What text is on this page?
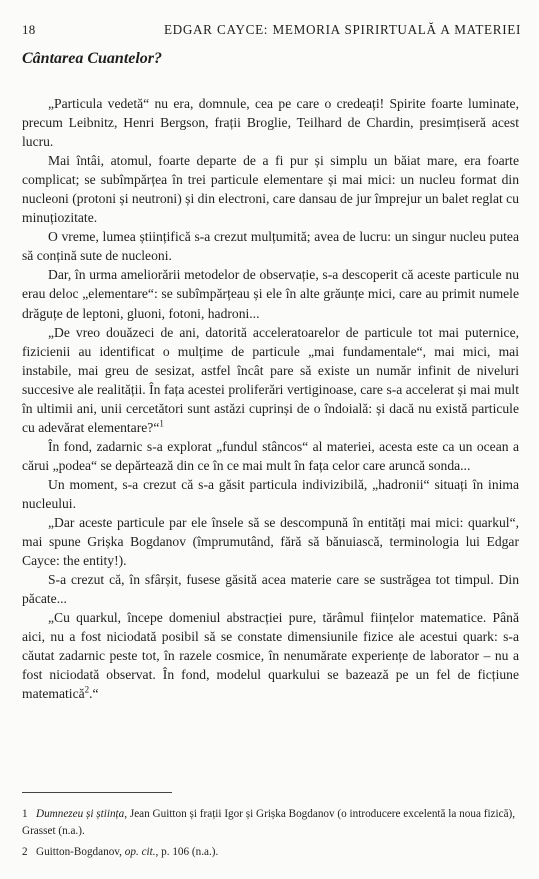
18	EDGAR CAYCE: MEMORIA SPIRIRTUALĂ A MATERIEI
Cântarea Cuantelor?

„Particula vedetă“ nu era, domnule, cea pe care o credeați! Spirite foarte luminate, precum Leibnitz, Henri Bergson, frații Broglie, Teilhard de Chardin, presimțiseră acest lucru.

Mai întâi, atomul, foarte departe de a fi pur și simplu un băiat mare, era foarte complicat; se subîmpărțea în trei particule elementare și mai mici: un nucleu format din nucleoni (protoni și neutroni) și din electroni, care dansau de jur împrejur un balet reglat cu minuțiozitate.

O vreme, lumea științifică s-a crezut mulțumită; avea de lucru: un singur nucleu putea să conțină sute de nucleoni.

Dar, în urma ameliorării metodelor de observație, s-a descoperit că aceste particule nu erau deloc „elementare“: se subîmpărțeau și ele în alte grăunțe mici, care au primit numele drăguțe de leptoni, gluoni, fotoni, hadroni...

„De vreo douăzeci de ani, datorită acceleratoarelor de particule tot mai puternice, fizicienii au identificat o mulțime de particule „mai fundamentale“, mai mici, mai instabile, mai greu de sesizat, astfel încât pare să existe un număr infinit de niveluri succesive ale realității. În fața acestei proliferări vertiginoase, care s-a accelerat și mai mult în ultimii ani, unii cercetători sunt astăzi cuprinși de o îndoială: și dacă nu există particule cu adevărat elementare?“$^1$

În fond, zadarnic s-a explorat „fundul stâncos“ al materiei, acesta este ca un ocean a cărui „podea“ se depărtează din ce în ce mai mult în fața celor care aruncă sonda...

Un moment, s-a crezut că s-a găsit particula indivizibilă, „hadronii“ situați în inima nucleului.

„Dar aceste particule par ele însele să se descompună în entități mai mici: quarkul“, mai spune Grișka Bogdanov (împrumutând, fără să bănuiască, terminologia lui Edgar Cayce: the entity!).

S-a crezut că, în sfârșit, fusese găsită acea materie care se sustrăgea tot timpul. Din păcate...

„Cu quarkul, începe domeniul abstracției pure, tărâmul ființelor matematice. Până aici, nu a fost niciodată posibil să se constate dimensiunile fizice ale acestui quark: s-a căutat zadarnic peste tot, în razele cosmice, în nenumărate experiențe de laborator – nu a fost niciodată observat. În fond, modelul quarkului se bazează pe un fel de ficțiune matematică$^2$.“

1 Dumnezeu și știința, Jean Guitton și frații Igor și Grișka Bogdanov (o introducere excelentă la noua fizică), Grasset (n.a.).

2 Guitton-Bogdanov, op. cit., p. 106 (n.a.).
